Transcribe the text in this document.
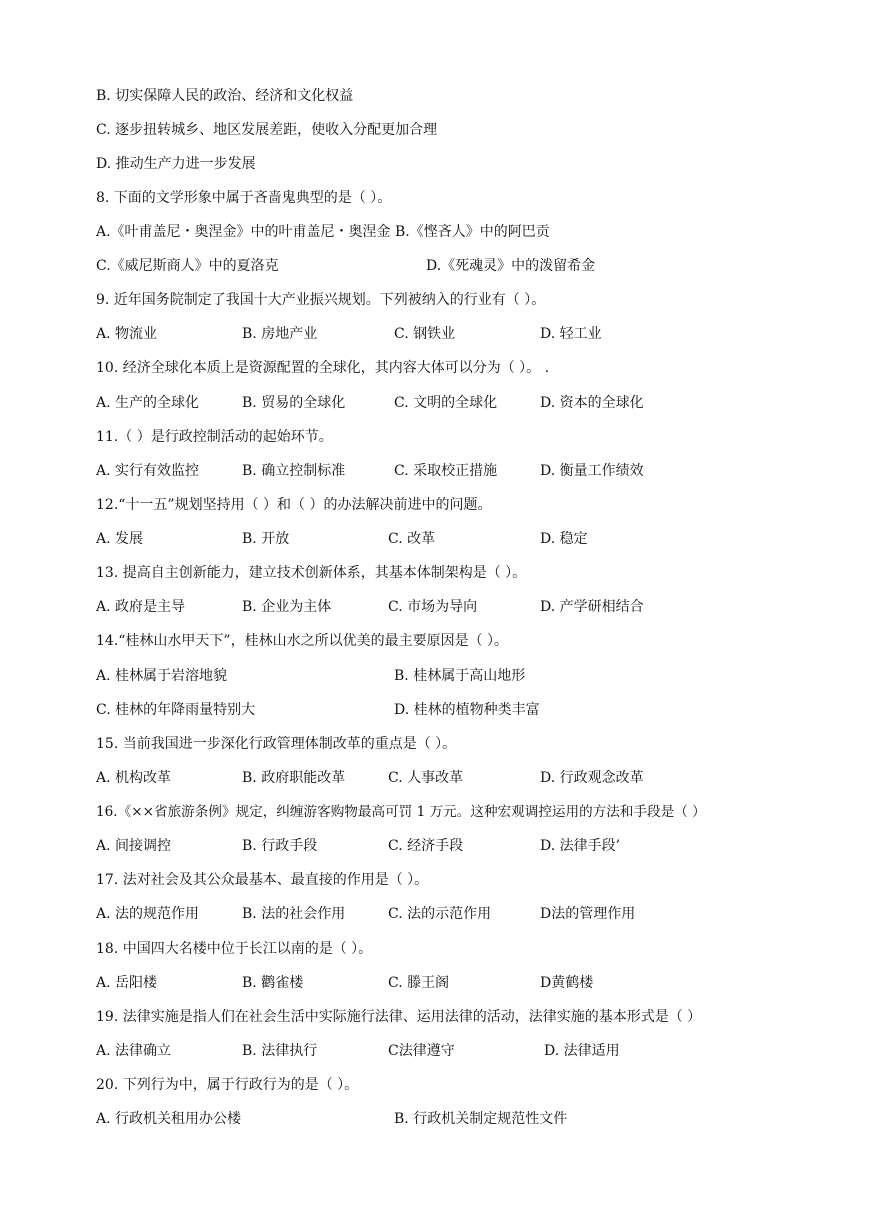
B. 切实保障人民的政治、经济和文化权益
C. 逐步扭转城乡、地区发展差距，使收入分配更加合理
D. 推动生产力进一步发展
8. 下面的文学形象中属于吝啬鬼典型的是（ ）。
A.《叶甫盖尼・奥涅金》中的叶甫盖尼・奥涅金 B.《悭吝人》中的阿巴贡
C.《威尼斯商人》中的夏洛克	D.《死魂灵》中的泼留希金
9. 近年国务院制定了我国十大产业振兴规划。下列被纳入的行业有（ ）。
A. 物流业	B. 房地产业	C. 钢铁业	D. 轻工业
10. 经济全球化本质上是资源配置的全球化，其内容大体可以分为（ ）。 .
A. 生产的全球化	B. 贸易的全球化	C. 文明的全球化	D. 资本的全球化
11.（ ）是行政控制活动的起始环节。
A. 实行有效监控	B. 确立控制标准	C. 采取校正措施	D. 衡量工作绩效
12.“十一五”规划坚持用（ ）和（ ）的办法解决前进中的问题。
A. 发展	B. 开放	C. 改革	D. 稳定
13. 提高自主创新能力，建立技术创新体系，其基本体制架构是（ ）。
A. 政府是主导	B. 企业为主体	C. 市场为导向	D. 产学研相结合
14.“桂林山水甲天下”，桂林山水之所以优美的最主要原因是（ ）。
A. 桂林属于岩溶地貌	B. 桂林属于高山地形
C. 桂林的年降雨量特别大	D. 桂林的植物种类丰富
15. 当前我国进一步深化行政管理体制改革的重点是（ ）。
A. 机构改革	B. 政府职能改革	C. 人事改革	D. 行政观念改革
16.《××省旅游条例》规定，纠缠游客购物最高可罚 1 万元。这种宏观调控运用的方法和手段是（ ）
A. 间接调控	B. 行政手段	C. 经济手段	D. 法律手段’
17. 法对社会及其公众最基本、最直接的作用是（ ）。
A. 法的规范作用	B. 法的社会作用	C. 法的示范作用	D法的管理作用
18. 中国四大名楼中位于长江以南的是（ ）。
A. 岳阳楼	B. 鹳雀楼	C. 滕王阁	D黄鹤楼
19. 法律实施是指人们在社会生活中实际施行法律、运用法律的活动，法律实施的基本形式是（ ）
A. 法律确立	B. 法律执行	C法律遵守	D. 法律适用
20. 下列行为中，属于行政行为的是（ ）。
A. 行政机关租用办公楼	B. 行政机关制定规范性文件
